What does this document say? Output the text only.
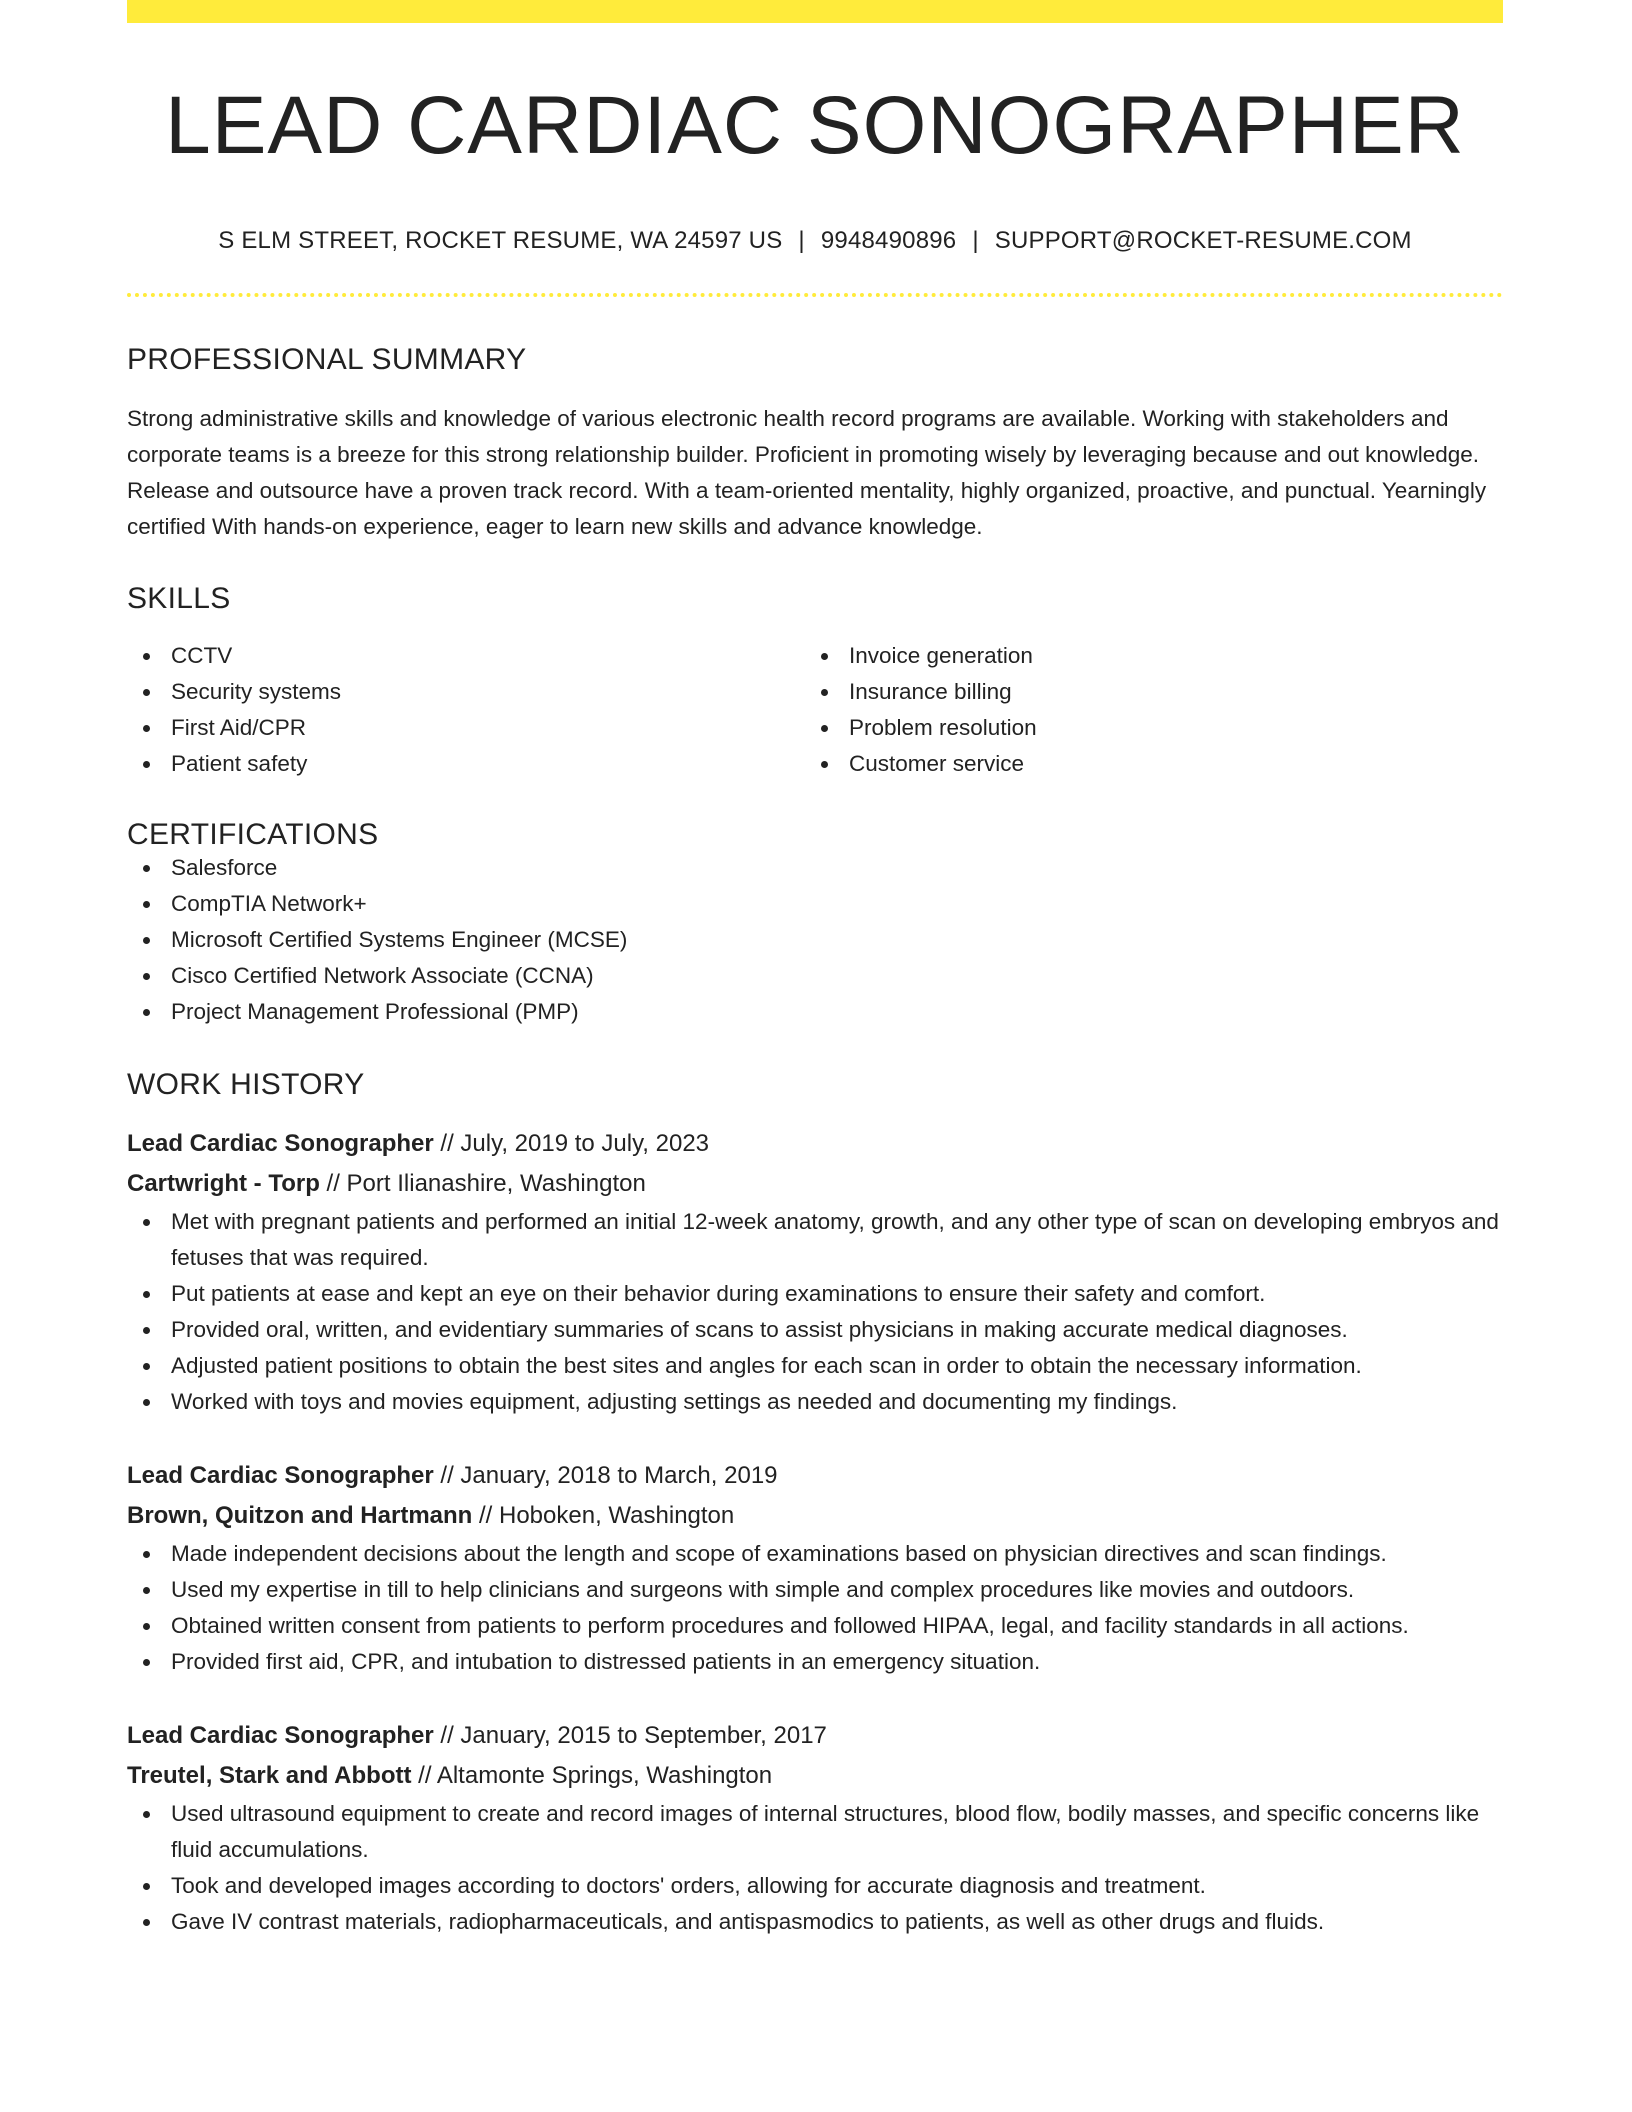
LEAD CARDIAC SONOGRAPHER
S ELM STREET, ROCKET RESUME, WA 24597 US | 9948490896 | SUPPORT@ROCKET-RESUME.COM
PROFESSIONAL SUMMARY

Strong administrative skills and knowledge of various electronic health record programs are available. Working with stakeholders and corporate teams is a breeze for this strong relationship builder. Proficient in promoting wisely by leveraging because and out knowledge. Release and outsource have a proven track record. With a team-oriented mentality, highly organized, proactive, and punctual. Yearningly certified With hands-on experience, eager to learn new skills and advance knowledge.

SKILLS
CCTV
Security systems
First Aid/CPR
Patient safety
Invoice generation
Insurance billing
Problem resolution
Customer service
CERTIFICATIONS
Salesforce
CompTIA Network+
Microsoft Certified Systems Engineer (MCSE)
Cisco Certified Network Associate (CCNA)
Project Management Professional (PMP)
WORK HISTORY
Lead Cardiac Sonographer // July, 2019 to July, 2023
Cartwright - Torp // Port Ilianashire, Washington
Met with pregnant patients and performed an initial 12-week anatomy, growth, and any other type of scan on developing embryos and fetuses that was required.
Put patients at ease and kept an eye on their behavior during examinations to ensure their safety and comfort.
Provided oral, written, and evidentiary summaries of scans to assist physicians in making accurate medical diagnoses.
Adjusted patient positions to obtain the best sites and angles for each scan in order to obtain the necessary information.
Worked with toys and movies equipment, adjusting settings as needed and documenting my findings.
Lead Cardiac Sonographer // January, 2018 to March, 2019
Brown, Quitzon and Hartmann // Hoboken, Washington
Made independent decisions about the length and scope of examinations based on physician directives and scan findings.
Used my expertise in till to help clinicians and surgeons with simple and complex procedures like movies and outdoors.
Obtained written consent from patients to perform procedures and followed HIPAA, legal, and facility standards in all actions.
Provided first aid, CPR, and intubation to distressed patients in an emergency situation.
Lead Cardiac Sonographer // January, 2015 to September, 2017
Treutel, Stark and Abbott // Altamonte Springs, Washington
Used ultrasound equipment to create and record images of internal structures, blood flow, bodily masses, and specific concerns like fluid accumulations.
Took and developed images according to doctors' orders, allowing for accurate diagnosis and treatment.
Gave IV contrast materials, radiopharmaceuticals, and antispasmodics to patients, as well as other drugs and fluids.
